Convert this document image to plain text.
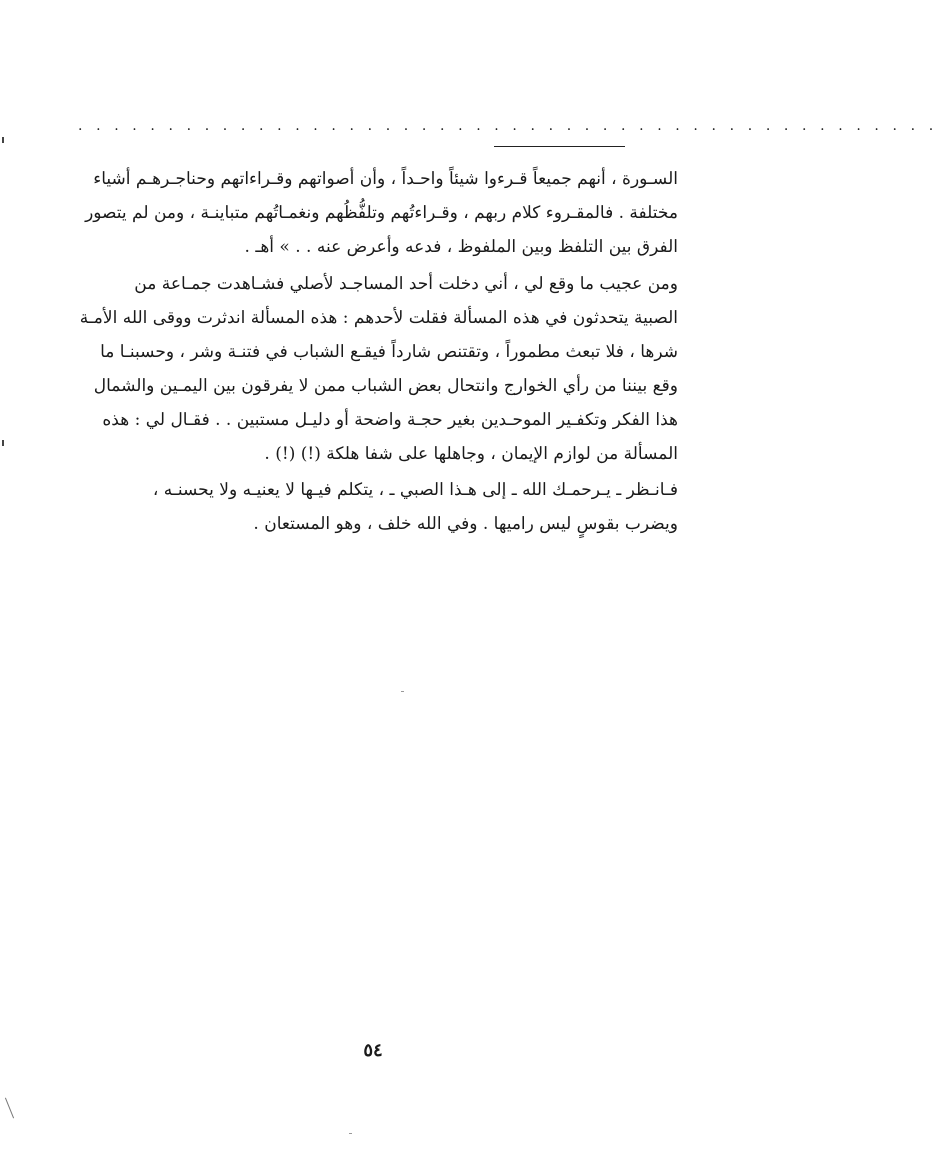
. . . . . . . . . . . . . . . . . . . . . . . . . . . . . . . . . . . . . . . . . . . . . . . .
السـورة ، أنهم جميعاً قـرءوا شيئاً واحـداً ، وأن أصواتهم وقـراءاتهم وحناجـرهـم أشياء
مختلفة . فالمقـروء كلام ربهم ، وقـراءتُهم وتلفُّظُهم ونغمـاتُهم متباينـة ، ومن لم يتصور
الفرق بين التلفظ وبين الملفوظ ، فدعه وأعرض عنه . . » أهـ .
ومن عجيب ما وقع لي ، أني دخلت أحد المساجـد لأصلي فشـاهدت جمـاعة من
الصبية يتحدثون في هذه المسألة فقلت لأحدهم : هذه المسألة اندثرت ووقى الله الأمـة
شرها ، فلا تبعث مطموراً ، وتقتنص شارداً فيقـع الشباب في فتنـة وشر ، وحسبنـا ما
وقع بيننا من رأي الخوارج وانتحال بعض الشباب ممن لا يفرقون بين اليمـين والشمال
هذا الفكر وتكفـير الموحـدين بغير حجـة واضحة أو دليـل مستبين . . فقـال لي : هذه
المسألة من لوازم الإيمان ، وجاهلها على شفا هلكة (!) (!) .
فـانـظر ـ يـرحمـك الله ـ إلى هـذا الصبي ـ ، يتكلم فيـها لا يعنيـه ولا يحسنـه ،
ويضرب بقوسٍ ليس راميها . وفي الله خلف ، وهو المستعان .
٥٤
